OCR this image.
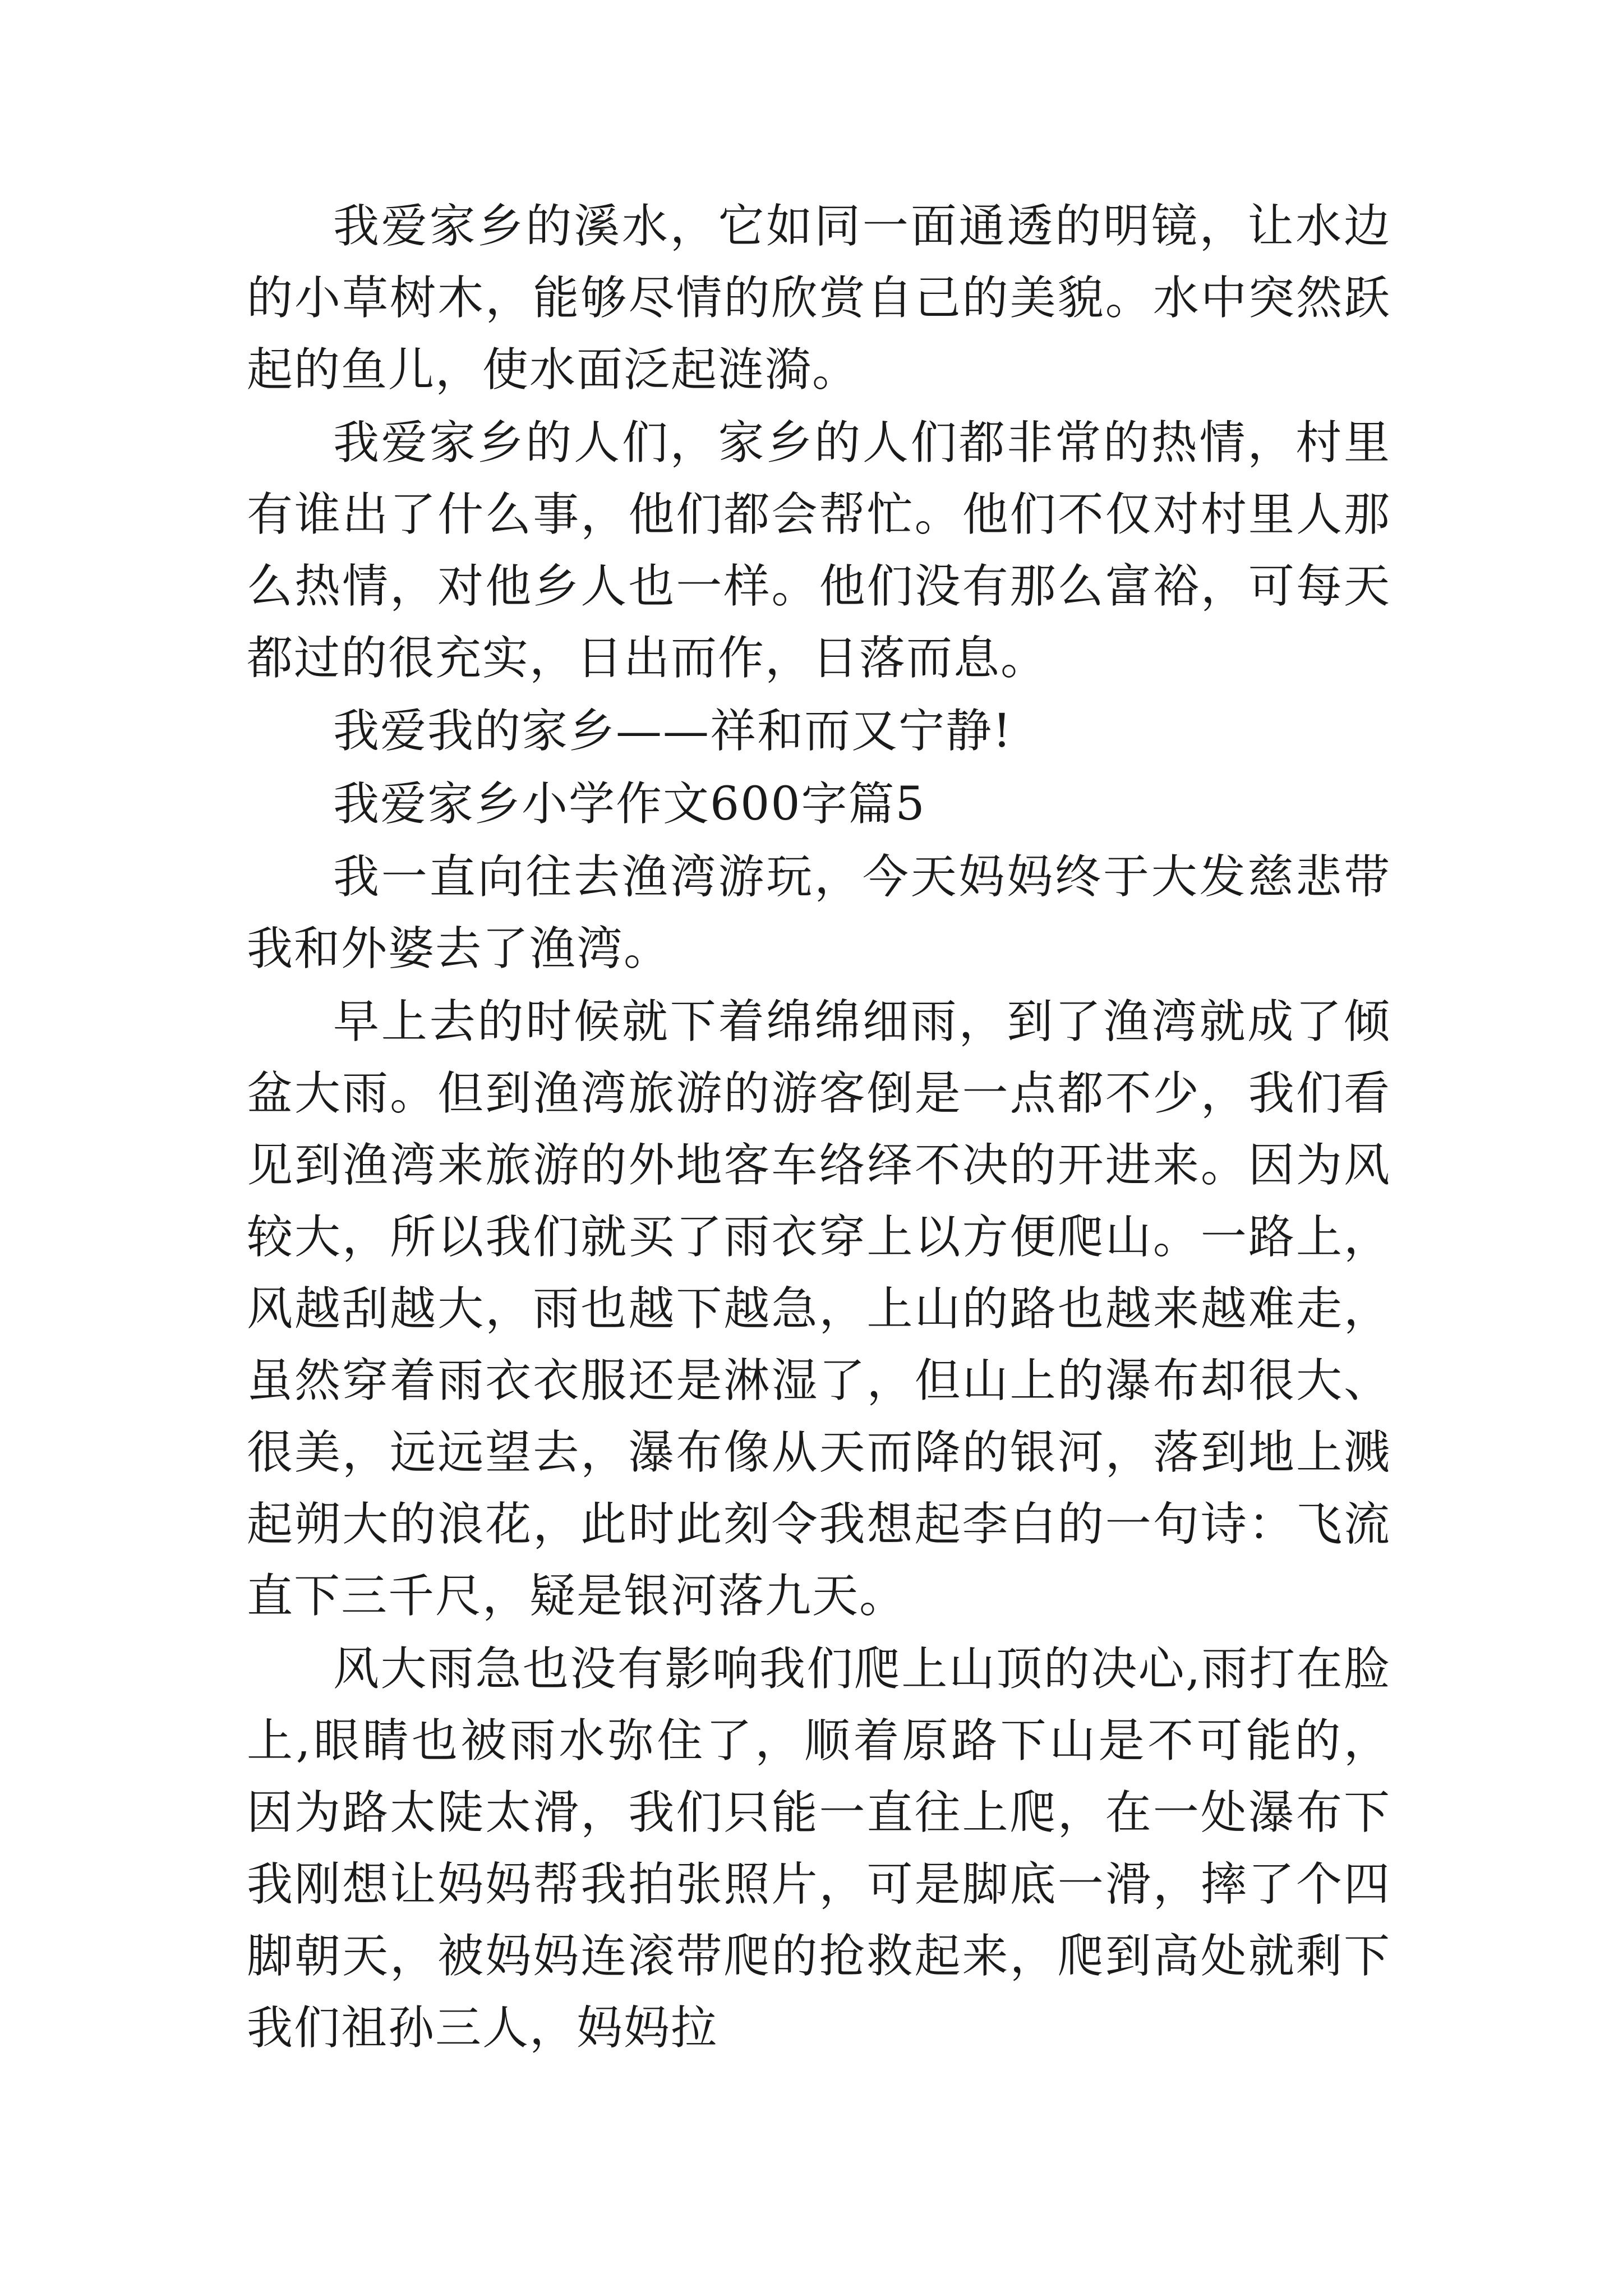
我爱家乡的溪水，它如同一面通透的明镜，让水边的小草树木，能够尽情的欣赏自己的美貌。水中突然跃起的鱼儿，使水面泛起涟漪。

我爱家乡的人们，家乡的人们都非常的热情，村里有谁出了什么事，他们都会帮忙。他们不仅对村里人那么热情，对他乡人也一样。他们没有那么富裕，可每天都过的很充实，日出而作，日落而息。

我爱我的家乡——祥和而又宁静!

我爱家乡小学作文600字篇5

我一直向往去渔湾游玩，今天妈妈终于大发慈悲带我和外婆去了渔湾。

早上去的时候就下着绵绵细雨，到了渔湾就成了倾盆大雨。但到渔湾旅游的游客倒是一点都不少，我们看见到渔湾来旅游的外地客车络绎不决的开进来。因为风较大，所以我们就买了雨衣穿上以方便爬山。一路上，风越刮越大，雨也越下越急，上山的路也越来越难走，虽然穿着雨衣衣服还是淋湿了，但山上的瀑布却很大、很美，远远望去，瀑布像从天而降的银河，落到地上溅起朔大的浪花，此时此刻令我想起李白的一句诗：飞流直下三千尺，疑是银河落九天。

风大雨急也没有影响我们爬上山顶的决心,雨打在脸上,眼睛也被雨水弥住了，顺着原路下山是不可能的，因为路太陡太滑，我们只能一直往上爬，在一处瀑布下我刚想让妈妈帮我拍张照片，可是脚底一滑，摔了个四脚朝天，被妈妈连滚带爬的抢救起来，爬到高处就剩下我们祖孙三人，妈妈拉
